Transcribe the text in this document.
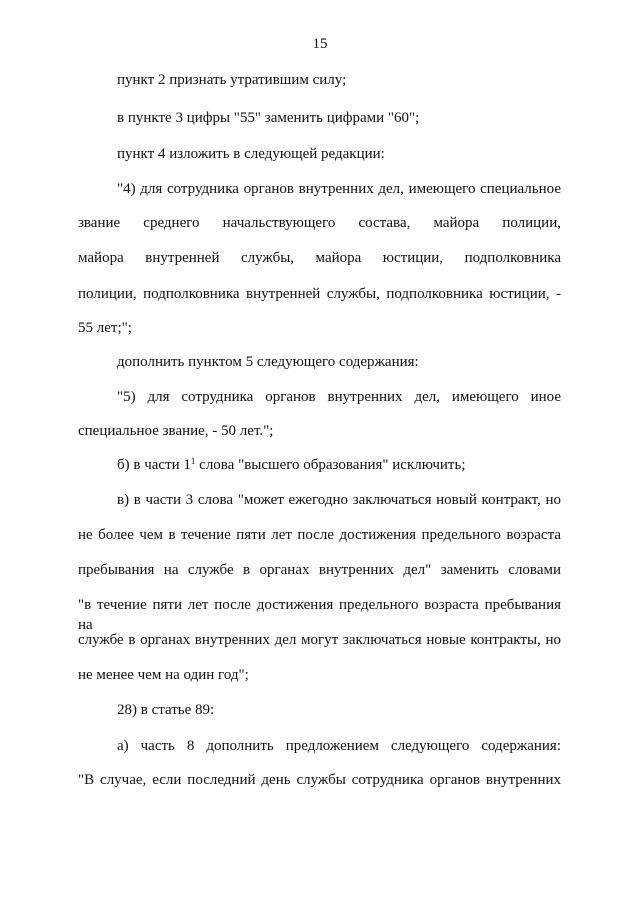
15
пункт 2 признать утратившим силу;
в пункте 3 цифры "55" заменить цифрами "60";
пункт 4 изложить в следующей редакции:
"4) для сотрудника органов внутренних дел, имеющего специальное
звание среднего начальствующего состава, майора полиции,
майора внутренней службы, майора юстиции, подполковника
полиции, подполковника внутренней службы, подполковника юстиции, -
55 лет;";
дополнить пунктом 5 следующего содержания:
"5) для сотрудника органов внутренних дел, имеющего иное
специальное звание, - 50 лет.";
б) в части $1^1$ слова "высшего образования" исключить;
в) в части 3 слова "может ежегодно заключаться новый контракт, но
не более чем в течение пяти лет после достижения предельного возраста
пребывания на службе в органах внутренних дел" заменить словами
"в течение пяти лет после достижения предельного возраста пребывания на
службе в органах внутренних дел могут заключаться новые контракты, но
не менее чем на один год";
28) в статье 89:
а) часть 8 дополнить предложением следующего содержания:
"В случае, если последний день службы сотрудника органов внутренних
